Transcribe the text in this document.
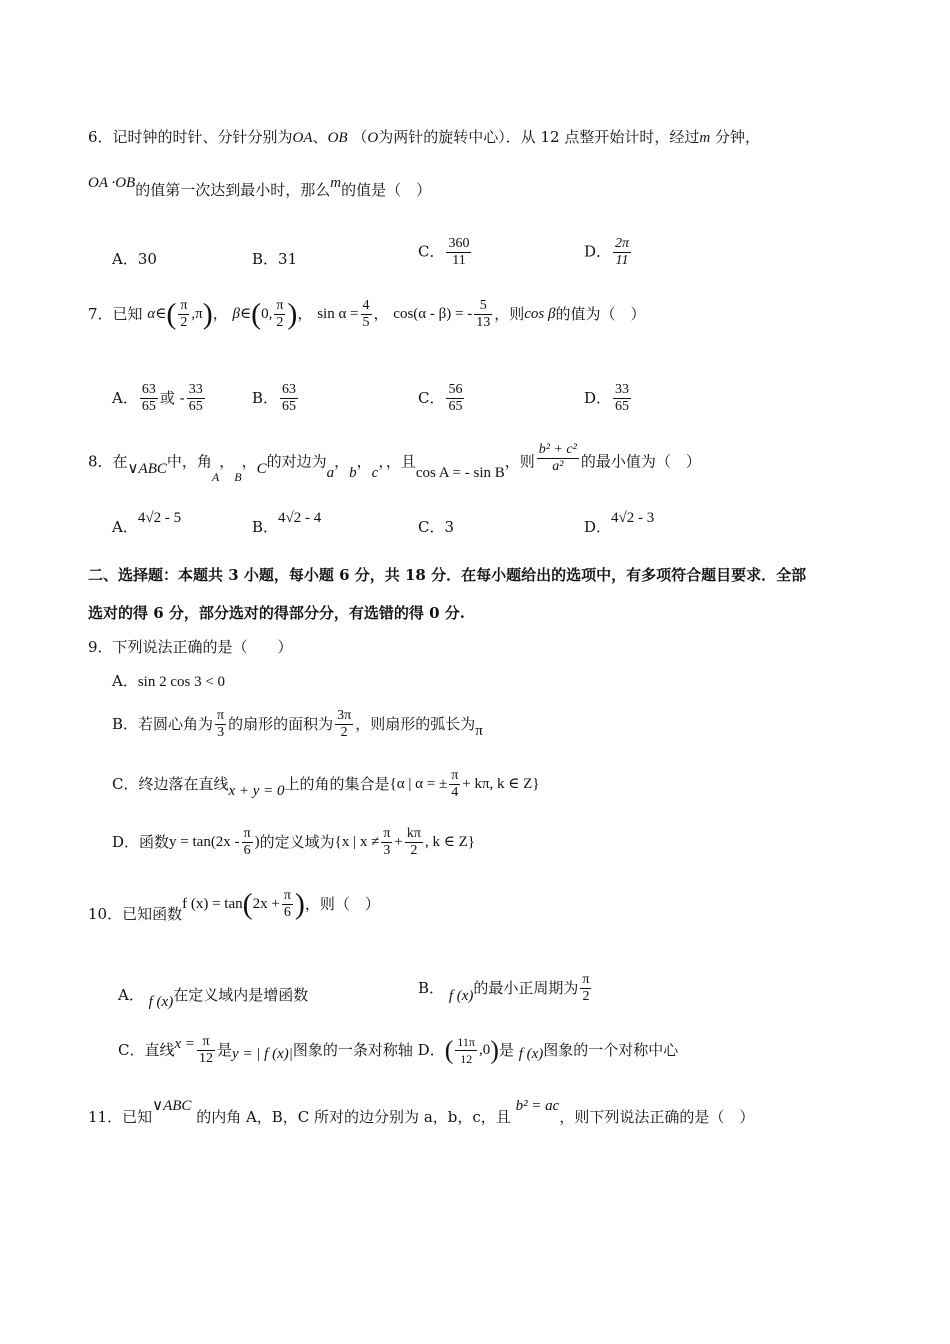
6．记时钟的时针、分针分别为OA、OB （O为两针的旋转中心）．从 12 点整开始计时，经过m 分钟，
OA ·OB的值第一次达到最小时，那么m的值是（　）
A．30	B．31	C． $\frac{360}{11}$	D． $\frac{2\pi}{11}$
7．已知 α∈( $\frac{\pi}{2} ,\pi$)， β∈(0, $\frac{\pi}{2}$ )， $\sin \alpha = \frac{4}{5}$ ， cos(α - β) = - $\frac{5}{13}$ ，则cos β的值为（　）
A． $\frac{63}{65}$ 或 - $\frac{33}{65}$	B． $\frac{63}{65}$	C． $\frac{56}{65}$	D． $\frac{33}{65}$
8．在∨ABC中，角$_A$，$_B$，C的对边为a，b，c，，且cos A = - sin B，则 $\frac{\text{b² + c²}}{\text{a²}}$ 的最小值为（　）
A．4√2 - 5	B．4√2 - 4	C．3	D．4√2 - 3
二、选择题：本题共 3 小题，每小题 6 分，共 18 分．在每小题给出的选项中，有多项符合题目要求．全部
选对的得 6 分，部分选对的得部分分，有选错的得 0 分.
9．下列说法正确的是（　　）
A．sin 2 cos 3 < 0
B．若圆心角为 $\frac{\pi}{3}$ 的扇形的面积为 $\frac{3\pi}{2}$ ，则扇形的弧长为π
C．终边落在直线x + y = 0上的角的集合是{α | α = ± $\frac{\pi}{4} + k\pi$, k ∈ Z}
D．函数$y = \tan(2x - \frac{\pi}{6}$ )的定义域为{x | $x \ne \frac{\pi}{3} + \frac{k\pi}{2}$ , k ∈ Z}
10．已知函数f $(x) = \tan(2x + \frac{\pi}{6}$ )，则（　）
A． f (x)在定义域内是增函数	B． f (x)的最小正周期为 $\frac{\pi}{2}$
C．直线$x = \frac{\pi}{12}$ 是y = | f (x)|图象的一条对称轴 D．( $\frac{11\pi}{12} ,0$)是 f (x)图象的一个对称中心
11．已知∨ABC 的内角 A，B，C 所对的边分别为 a，b，c，且 b² = ac，则下列说法正确的是（　）
